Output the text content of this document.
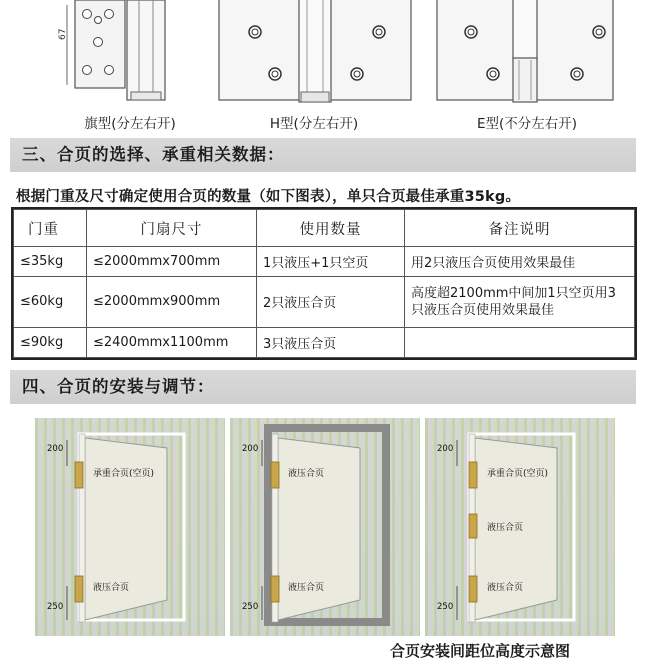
67
旗型(分左右开)	H型(分左右开)	E型(不分左右开)
三、合页的选择、承重相关数据：
根据门重及尺寸确定使用合页的数量（如下图表），单只合页最佳承重35kg。
门重	门扇尺寸	使用数量	备注说明
≤35kg	≤2000mmx700mm	1只液压+1只空页	用2只液压合页使用效果最佳
≤60kg	≤2000mmx900mm	2只液压合页	高度超2100mm中间加1只空页用3只液压合页使用效果最佳
≤90kg	≤2400mmx1100mm	3只液压合页	
四、合页的安装与调节：
200
250
承重合页(空页)
液压合页
200
250
液压合页
液压合页
200
250
承重合页(空页)
液压合页
液压合页
合页安装间距位高度示意图
